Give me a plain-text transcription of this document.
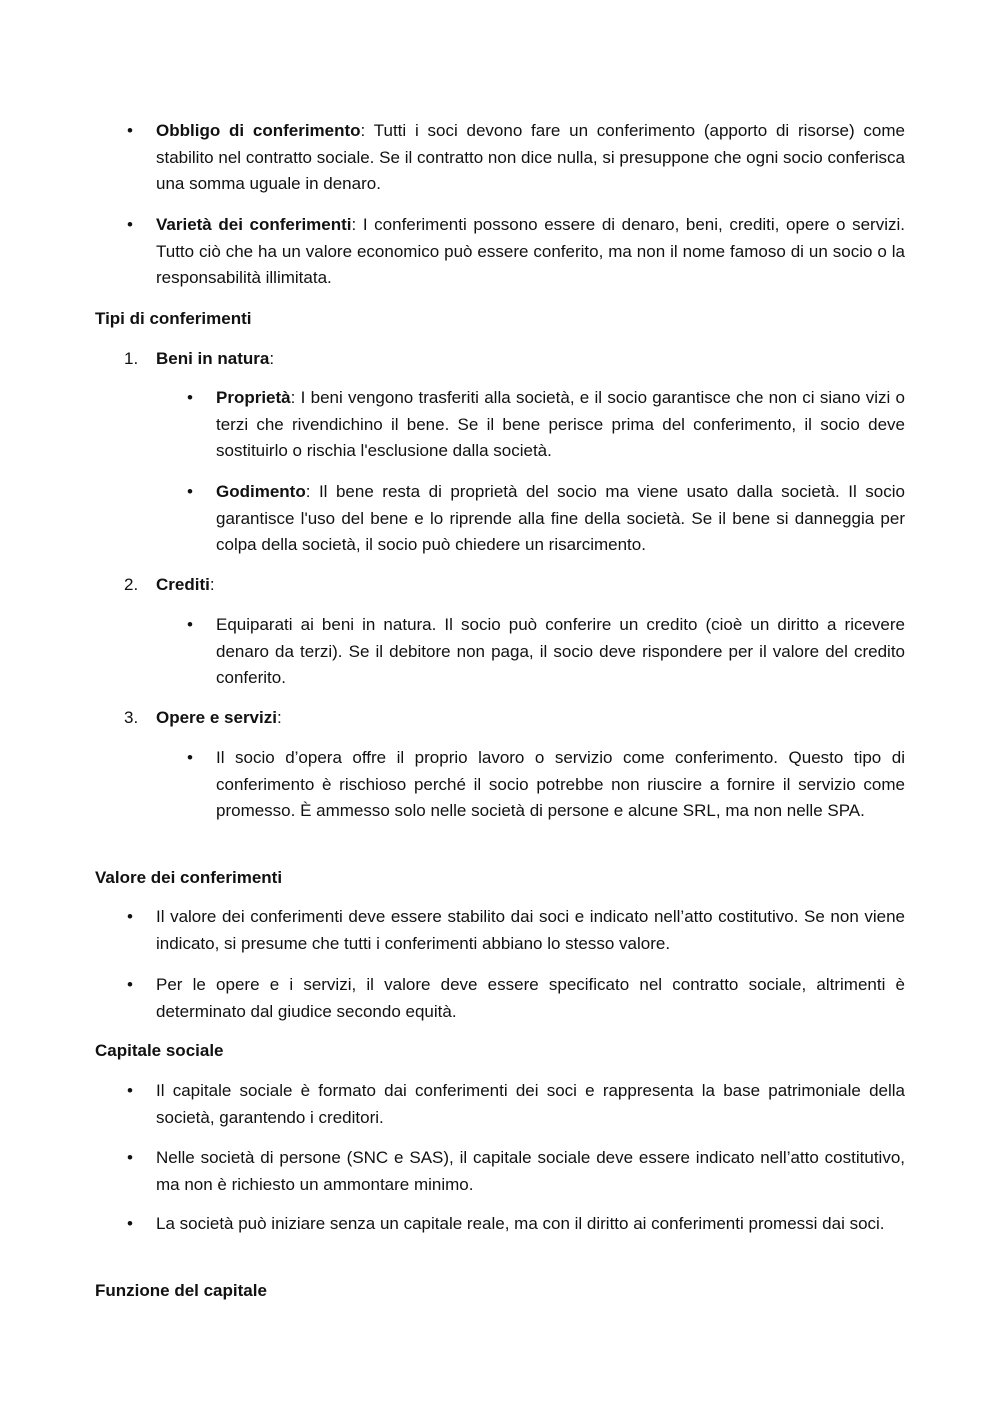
• Obbligo di conferimento: Tutti i soci devono fare un conferimento (apporto di risorse) come stabilito nel contratto sociale. Se il contratto non dice nulla, si presuppone che ogni socio conferisca una somma uguale in denaro.
• Varietà dei conferimenti: I conferimenti possono essere di denaro, beni, crediti, opere o servizi. Tutto ciò che ha un valore economico può essere conferito, ma non il nome famoso di un socio o la responsabilità illimitata.
Tipi di conferimenti
1. Beni in natura:
• Proprietà: I beni vengono trasferiti alla società, e il socio garantisce che non ci siano vizi o terzi che rivendichino il bene. Se il bene perisce prima del conferimento, il socio deve sostituirlo o rischia l'esclusione dalla società.
• Godimento: Il bene resta di proprietà del socio ma viene usato dalla società. Il socio garantisce l'uso del bene e lo riprende alla fine della società. Se il bene si danneggia per colpa della società, il socio può chiedere un risarcimento.
2. Crediti:
• Equiparati ai beni in natura. Il socio può conferire un credito (cioè un diritto a ricevere denaro da terzi). Se il debitore non paga, il socio deve rispondere per il valore del credito conferito.
3. Opere e servizi:
• Il socio d’opera offre il proprio lavoro o servizio come conferimento. Questo tipo di conferimento è rischioso perché il socio potrebbe non riuscire a fornire il servizio come promesso. È ammesso solo nelle società di persone e alcune SRL, ma non nelle SPA.
Valore dei conferimenti
• Il valore dei conferimenti deve essere stabilito dai soci e indicato nell’atto costitutivo. Se non viene indicato, si presume che tutti i conferimenti abbiano lo stesso valore.
• Per le opere e i servizi, il valore deve essere specificato nel contratto sociale, altrimenti è determinato dal giudice secondo equità.
Capitale sociale
• Il capitale sociale è formato dai conferimenti dei soci e rappresenta la base patrimoniale della società, garantendo i creditori.
• Nelle società di persone (SNC e SAS), il capitale sociale deve essere indicato nell’atto costitutivo, ma non è richiesto un ammontare minimo.
• La società può iniziare senza un capitale reale, ma con il diritto ai conferimenti promessi dai soci.
Funzione del capitale
